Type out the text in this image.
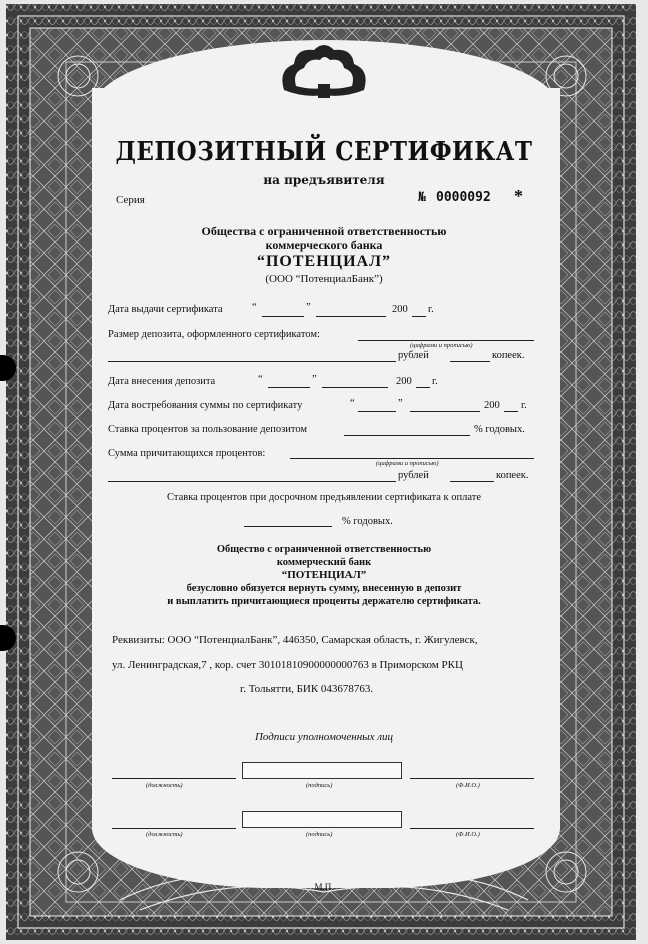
ДЕПОЗИТНЫЙ СЕРТИФИКАТ
на предъявителя
Серия	№ 0000092 *
Общества с ограниченной ответственностью
коммерческого банка
“ПОТЕНЦИАЛ”
(ООО “ПотенциалБанк”)
Дата выдачи сертификата	“	”	200 г.
Размер депозита, оформленного сертификатом:
(цифрами и прописью)
рублей	копеек.
Дата внесения депозита	“	”	200 г.
Дата востребования суммы по сертификату	“	”	200 г.
Ставка процентов за пользование депозитом	% годовых.
Сумма причитающихся процентов:
(цифрами и прописью)
рублей	копеек.
Ставка процентов при досрочном предъявлении сертификата к оплате
% годовых.
Общество с ограниченной ответственностью
коммерческий банк
“ПОТЕНЦИАЛ”
безусловно обязуется вернуть сумму, внесенную в депозит
и выплатить причитающиеся проценты держателю сертификата.
Реквизиты: ООО “ПотенциалБанк”, 446350, Самарская область, г. Жигулевск,
ул. Ленинградская,7 , кор. счет 30101810900000000763 в Приморском РКЦ
г. Тольятти, БИК 043678763.
Подписи уполномоченных лиц
(должность)	(подпись)	(Ф.И.О.)
(должность)	(подпись)	(Ф.И.О.)
М.П.
